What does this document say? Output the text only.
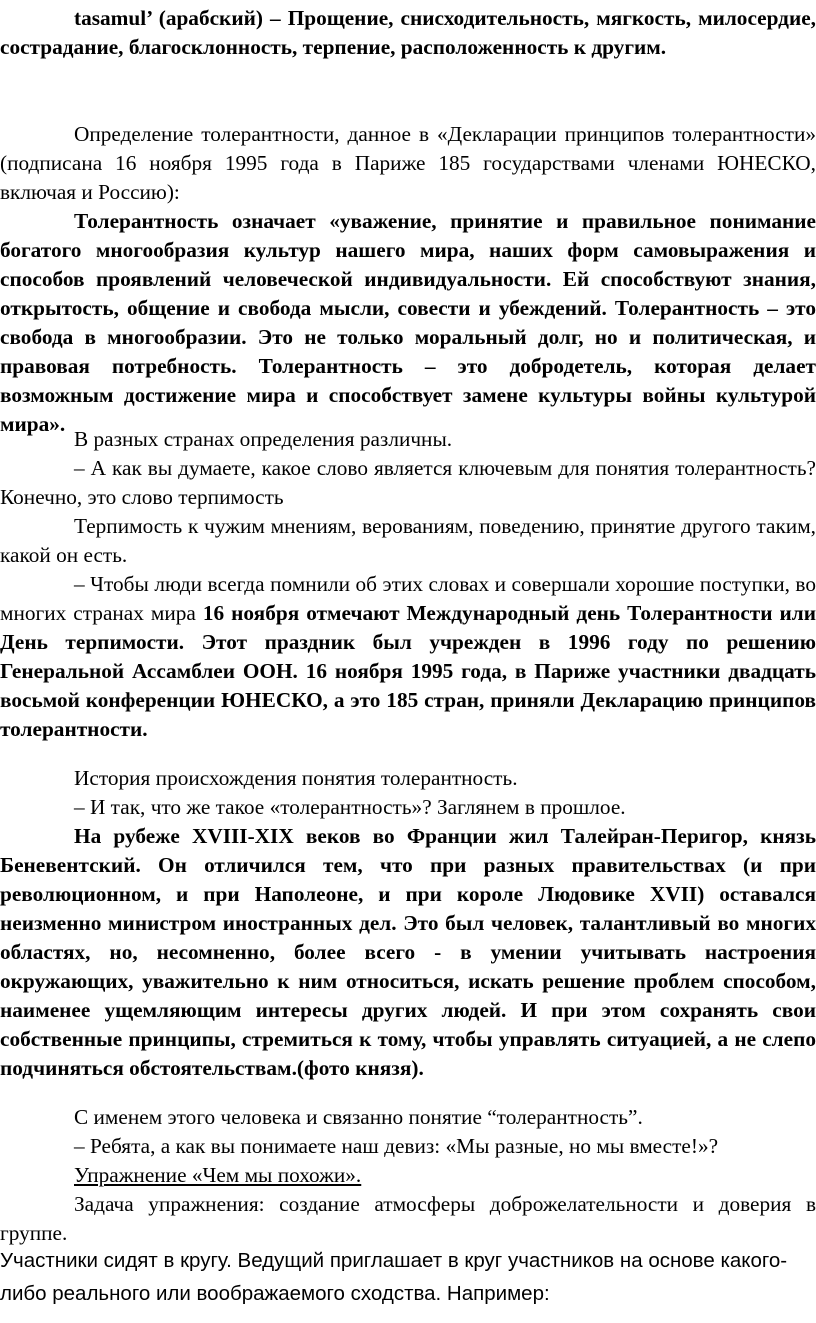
tasamul’ (арабский) – Прощение, снисходительность, мягкость, милосердие, сострадание, благосклонность, терпение, расположенность к другим.

Определение толерантности, данное в «Декларации принципов толерантности» (подписана 16 ноября 1995 года в Париже 185 государствами членами ЮНЕСКО, включая и Россию):

Толерантность означает «уважение, принятие и правильное понимание богатого многообразия культур нашего мира, наших форм самовыражения и способов проявлений человеческой индивидуальности. Ей способствуют знания, открытость, общение и свобода мысли, совести и убеждений. Толерантность – это свобода в многообразии. Это не только моральный долг, но и политическая, и правовая потребность. Толерантность – это добродетель, которая делает возможным достижение мира и способствует замене культуры войны культурой мира».

В разных странах определения различны.

– А как вы думаете, какое слово является ключевым для понятия толерантность? Конечно, это слово терпимость

Терпимость к чужим мнениям, верованиям, поведению, принятие другого таким, какой он есть.

– Чтобы люди всегда помнили об этих словах и совершали хорошие поступки, во многих странах мира 16 ноября отмечают Международный день Толерантности или День терпимости. Этот праздник был учрежден в 1996 году по решению Генеральной Ассамблеи ООН. 16 ноября 1995 года, в Париже участники двадцать восьмой конференции ЮНЕСКО, а это 185 стран, приняли Декларацию принципов толерантности.

История происхождения понятия толерантность.

– И так, что же такое «толерантность»? Заглянем в прошлое.

На рубеже XVIII-XIX веков во Франции жил Талейран-Перигор, князь Беневентский. Он отличился тем, что при разных правительствах (и при революционном, и при Наполеоне, и при короле Людовике XVII) оставался неизменно министром иностранных дел. Это был человек, талантливый во многих областях, но, несомненно, более всего - в умении учитывать настроения окружающих, уважительно к ним относиться, искать решение проблем способом, наименее ущемляющим интересы других людей. И при этом сохранять свои собственные принципы, стремиться к тому, чтобы управлять ситуацией, а не слепо подчиняться обстоятельствам.(фото князя).

С именем этого человека и связанно понятие “толерантность”.

– Ребята, а как вы понимаете наш девиз: «Мы разные, но мы вместе!»?

Упражнение «Чем мы похожи».

Задача упражнения: создание атмосферы доброжелательности и доверия в группе.

Участники сидят в кругу. Ведущий приглашает в круг участников на основе какого-либо реального или воображаемого сходства. Например:
